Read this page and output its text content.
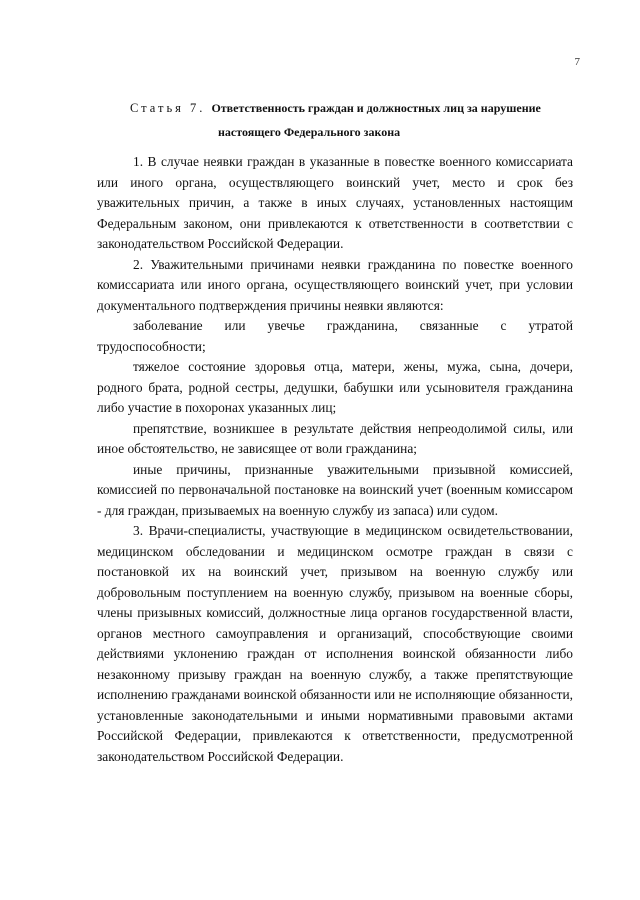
7
Статья 7. Ответственность граждан и должностных лиц за нарушение
настоящего Федерального закона

1. В случае неявки граждан в указанные в повестке военного комиссариата или иного органа, осуществляющего воинский учет, место и срок без уважительных причин, а также в иных случаях, установленных настоящим Федеральным законом, они привлекаются к ответственности в соответствии с законодательством Российской Федерации.

2. Уважительными причинами неявки гражданина по повестке военного комиссариата или иного органа, осуществляющего воинский учет, при условии документального подтверждения причины неявки являются:

заболевание или увечье гражданина, связанные с утратой трудоспособности;

тяжелое состояние здоровья отца, матери, жены, мужа, сына, дочери, родного брата, родной сестры, дедушки, бабушки или усыновителя гражданина либо участие в похоронах указанных лиц;

препятствие, возникшее в результате действия непреодолимой силы, или иное обстоятельство, не зависящее от воли гражданина;

иные причины, признанные уважительными призывной комиссией, комиссией по первоначальной постановке на воинский учет (военным комиссаром - для граждан, призываемых на военную службу из запаса) или судом.

3. Врачи-специалисты, участвующие в медицинском освидетельствовании, медицинском обследовании и медицинском осмотре граждан в связи с постановкой их на воинский учет, призывом на военную службу или добровольным поступлением на военную службу, призывом на военные сборы, члены призывных комиссий, должностные лица органов государственной власти, органов местного самоуправления и организаций, способствующие своими действиями уклонению граждан от исполнения воинской обязанности либо незаконному призыву граждан на военную службу, а также препятствующие исполнению гражданами воинской обязанности или не исполняющие обязанности, установленные законодательными и иными нормативными правовыми актами Российской Федерации, привлекаются к ответственности, предусмотренной законодательством Российской Федерации.
